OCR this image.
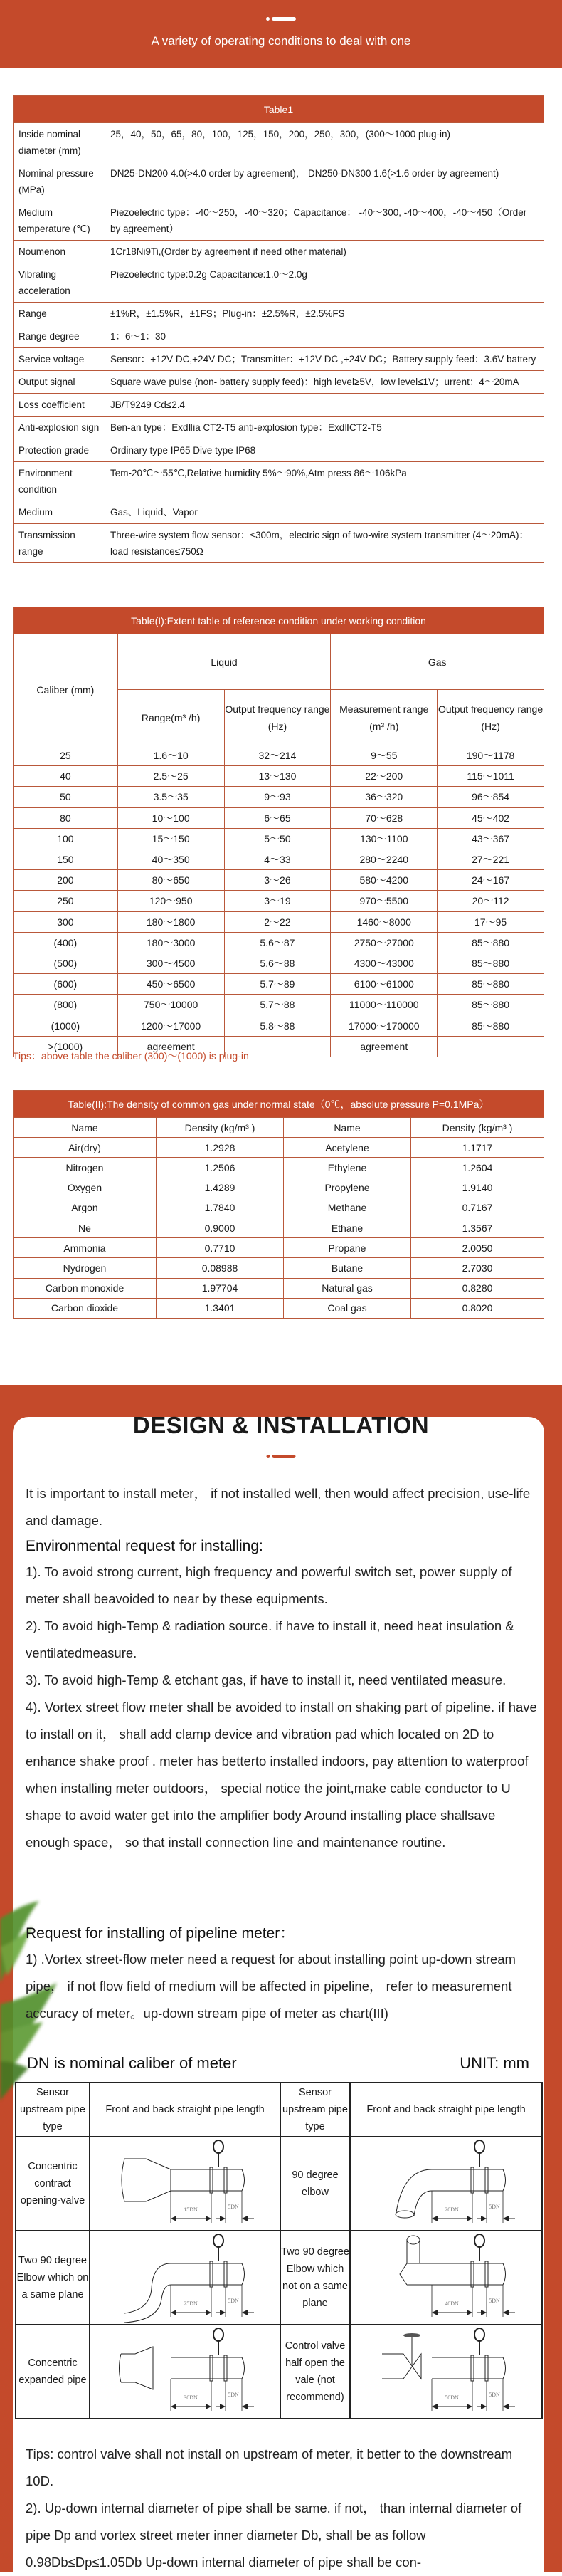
A variety of operating conditions to deal with one
Table1	
Inside nominal diameter (mm)	25，40，50，65，80，100，125，150，200，250，300，(300～1000 plug-in)
Nominal pressure (MPa)	DN25-DN200 4.0(>4.0 order by agreement)， DN250-DN300 1.6(>1.6 order by agreement)
Medium temperature (℃)	Piezoelectric type：-40～250，-40～320；Capacitance： -40～300, -40～400，-40～450（Order by agreement）
Noumenon	1Cr18Ni9Ti,(Order by agreement if need other material)
Vibrating acceleration	Piezoelectric type:0.2g Capacitance:1.0～2.0g
Range	±1%R，±1.5%R，±1FS；Plug-in：±2.5%R，±2.5%FS
Range degree	1：6～1：30
Service voltage	Sensor：+12V DC,+24V DC；Transmitter：+12V DC ,+24V DC；Battery supply feed：3.6V battery
Output signal	Square wave pulse (non- battery supply feed)：high level≥5V，low level≤1V；urrent：4～20mA
Loss coefficient	JB/T9249 Cd≤2.4
Anti-explosion sign	Ben-an type：ExdⅡia CT2-T5 anti-explosion type：ExdⅡCT2-T5
Protection grade	Ordinary type IP65 Dive type IP68
Environment condition	Tem-20℃～55℃,Relative humidity 5%～90%,Atm press 86～106kPa
Medium	Gas、Liquid、Vapor
Transmission range	Three-wire system flow sensor：≤300m，electric sign of two-wire system transmitter (4～20mA)：load resistance≤750Ω
Table(I):Extent table of reference condition under working condition				
Caliber (mm)	Liquid		Gas	
	Range(m³ /h)	Output frequency range (Hz)	Measurement range (m³ /h)	Output frequency range (Hz)
25	1.6～10	32～214	9～55	190～1178
40	2.5～25	13～130	22～200	115～1011
50	3.5～35	9～93	36～320	96～854
80	10～100	6～65	70～628	45～402
100	15～150	5～50	130～1100	43～367
150	40～350	4～33	280～2240	27～221
200	80～650	3～26	580～4200	24～167
250	120～950	3～19	970～5500	20～112
300	180～1800	2～22	1460～8000	17～95
(400)	180～3000	5.6～87	2750～27000	85～880
(500)	300～4500	5.6～88	4300～43000	85～880
(600)	450～6500	5.7～89	6100～61000	85～880
(800)	750～10000	5.7～88	11000～110000	85～880
(1000)	1200～17000	5.8～88	17000～170000	85～880
>(1000)	agreement		agreement	
Tips：above table the caliber (300)～(1000) is plug-in
Table(II):The density of common gas under normal state（0℃，absolute pressure P=0.1MPa）			
Name	Density (kg/m³ )	Name	Density (kg/m³ )
Air(dry)	1.2928	Acetylene	1.1717
Nitrogen	1.2506	Ethylene	1.2604
Oxygen	1.4289	Propylene	1.9140
Argon	1.7840	Methane	0.7167
Ne	0.9000	Ethane	1.3567
Ammonia	0.7710	Propane	2.0050
Nydrogen	0.08988	Butane	2.7030
Carbon monoxide	1.97704	Natural gas	0.8280
Carbon dioxide	1.3401	Coal gas	0.8020
DESIGN & INSTALLATION

It is important to install meter， if not installed well, then would affect precision, use-life and damage.

Environmental request for installing:

1). To avoid strong current, high frequency and powerful switch set, power supply of meter shall beavoided to near by these equipments.

2). To avoid high-Temp & radiation source. if have to install it, need heat insulation & ventilatedmeasure.

3). To avoid high-Temp & etchant gas, if have to install it, need ventilated measure.

4). Vortex street flow meter shall be avoided to install on shaking part of pipeline. if have to install on it， shall add clamp device and vibration pad which located on 2D to enhance shake proof . meter has betterto installed indoors, pay attention to waterproof when installing meter outdoors， special notice the joint,make cable conductor to U shape to avoid water get into the amplifier body Around installing place shallsave enough space， so that install connection line and maintenance routine.

Request for installing of pipeline meter：

1) .Vortex street-flow meter need a request for about installing point up-down stream pipe， if not flow field of medium will be affected in pipeline， refer to measurement accuracy of meter。up-down stream pipe of meter as chart(III)

DN is nominal caliber of meter	UNIT: mm
Sensor upstream pipe type	Front and back straight pipe length	Sensor upstream pipe type	Front and back straight pipe length
Concentric contract opening-valve	15DN 5DN	90 degree elbow	20DN 5DN

Two 90 degree Elbow which on a same plane	25DN 5DN	Two 90 degree Elbow which not on a same plane	40DN 5DN

Concentric expanded pipe	30DN 5DN	Control valve half open the vale (not recommend)	50DN 5DN

Tips: control valve shall not install on upstream of meter, it better to the downstream 10D.

2). Up-down internal diameter of pipe shall be same. if not， than internal diameter of pipe Dp and vortex street meter inner diameter Db, shall be as follow 0.98Db≤Dp≤1.05Db Up-down internal diameter of pipe shall be con-
